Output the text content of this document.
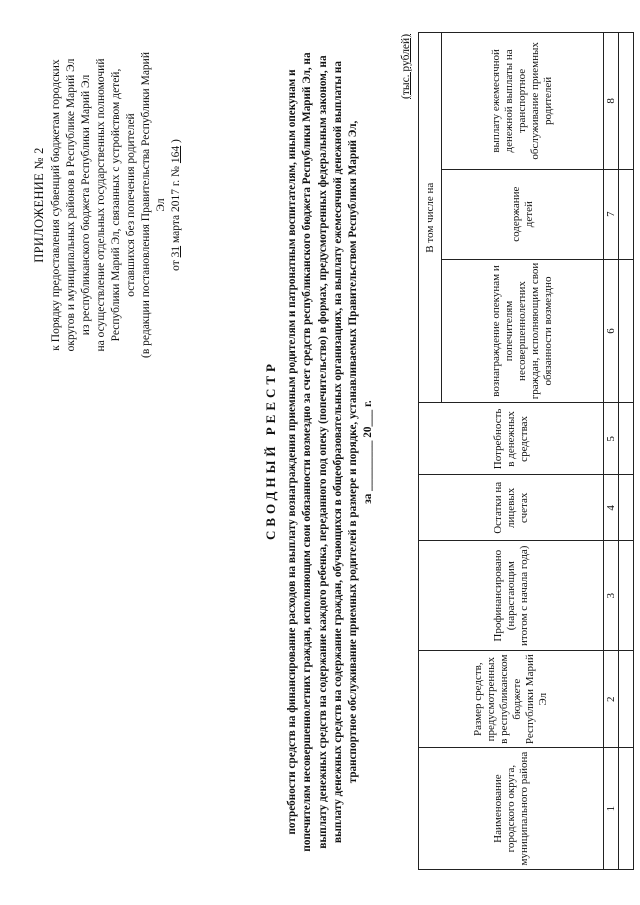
ПРИЛОЖЕНИЕ № 2 к Порядку предоставления субвенций бюджетам городских округов и муниципальных районов в Республике Марий Эл из республиканского бюджета Республики Марий Эл на осуществление отдельных государственных полномочий Республики Марий Эл, связанных с устройством детей, оставшихся без попечения родителей (в редакции постановления Правительства Республики Марий Эл
от 31 марта 2017 г. № 164 )
СВОДНЫЙ РЕЕСТР потребности средств на финансирование расходов на выплату вознаграждения приемным родителям и патронатным воспитателям, иным опекунам и попечителям несовершеннолетних граждан, исполняющим свои обязанности возмездно за счет средств республиканского бюджета Республики Марий Эл, на выплату денежных средств на содержание каждого ребенка, переданного под опеку (попечительство) в формах, предусмотренных федеральным законом, на выплату денежных средств на содержание граждан, обучающихся в общеобразовательных организациях, на выплату ежемесячной денежной выплаты на транспортное обслуживание приемных родителей в размере и порядке, устанавливаемых Правительством Республики Марий Эл, за _________ 20___ г.
(тыс. рублей)
Наименование городского округа, муниципального района	Размер средств, предусмотренных в республиканском бюджете Республики Марий Эл	Профинансировано (нарастающим итогом с начала года)	Остатки на лицевых счетах	Потребность в денежных средствах	В том числе на		
					вознаграждение опекунам и попечителям несовершеннолетних граждан, исполняющим свои обязанности возмездно	содержание детей	выплату ежемесячной денежной выплаты на транспортное обслуживание приемных родителей
1	2	3	4	5	6	7	8
